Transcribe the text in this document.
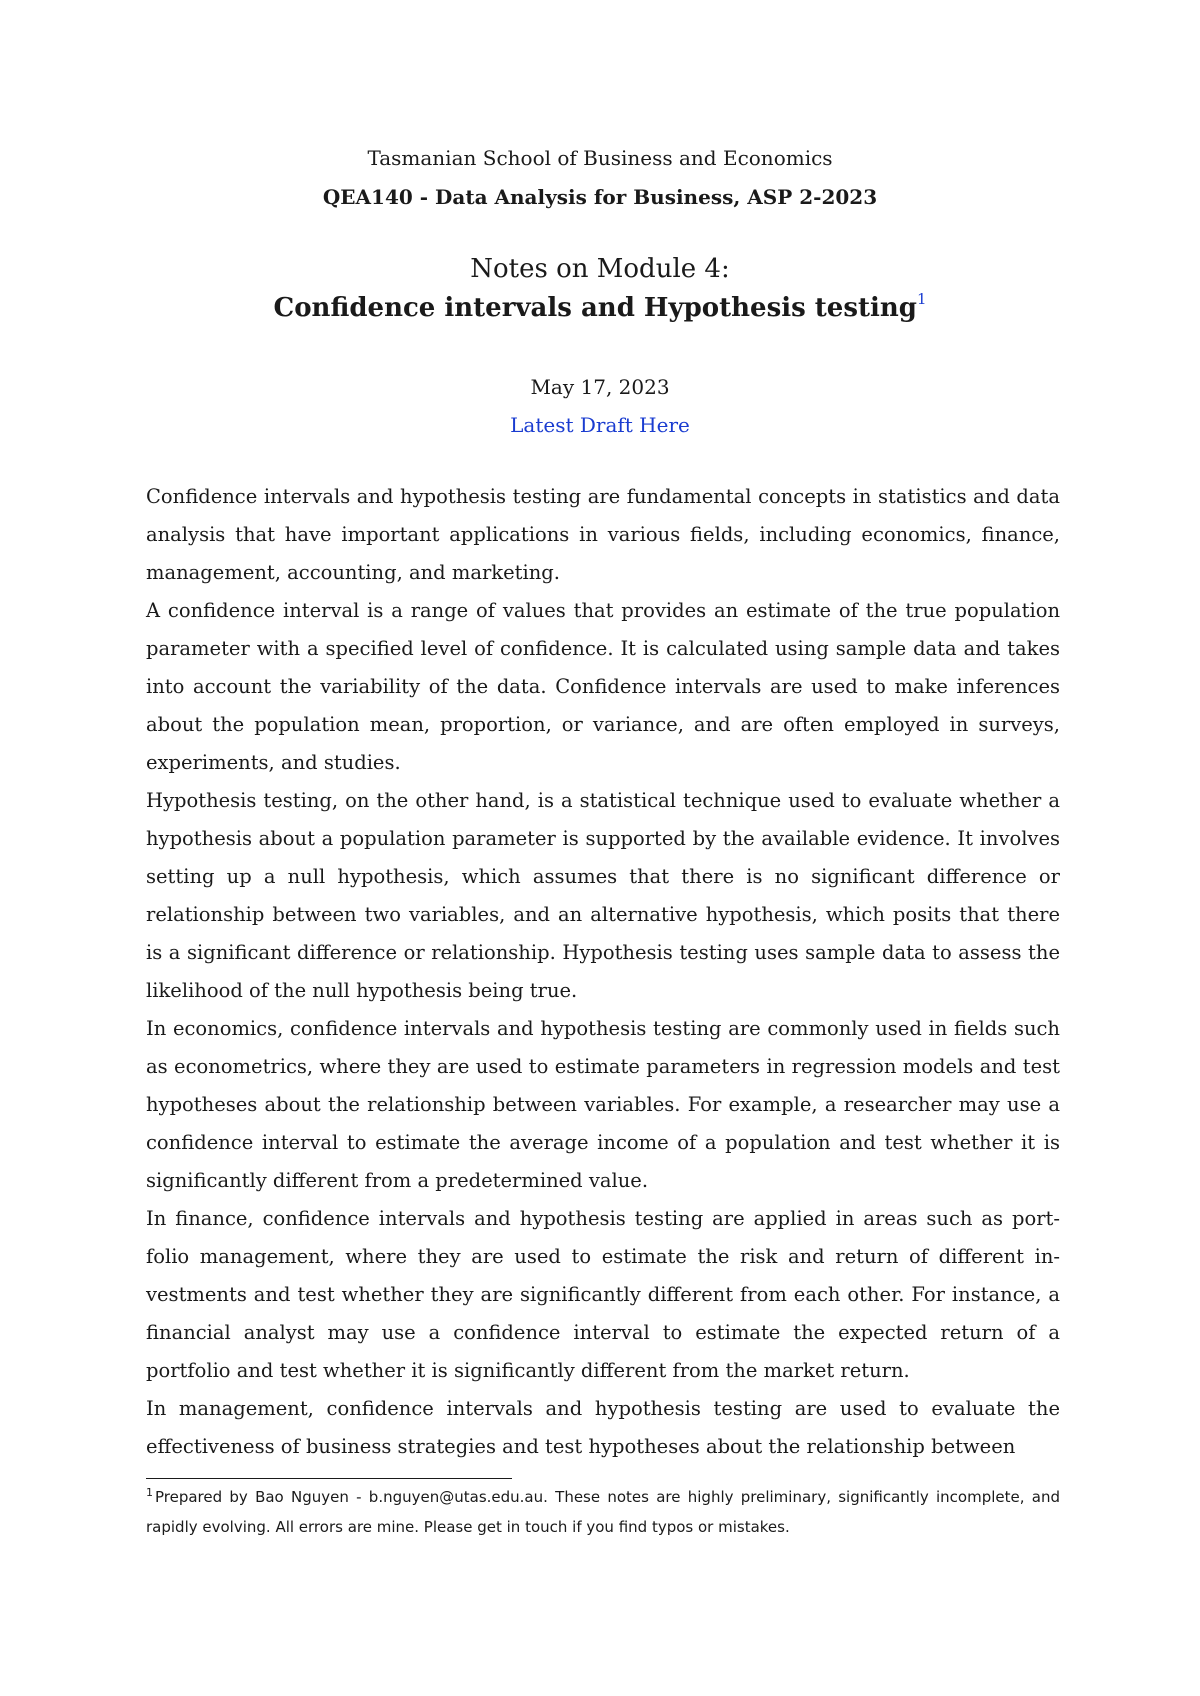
Tasmanian School of Business and Economics
QEA140 - Data Analysis for Business, ASP 2-2023
Notes on Module 4:
Confidence intervals and Hypothesis testing$^1$
May 17, 2023
Latest Draft Here

Confidence intervals and hypothesis testing are fundamental concepts in statistics and data analysis that have important applications in various fields, including economics, finance, management, accounting, and marketing.

A confidence interval is a range of values that provides an estimate of the true population parameter with a specified level of confidence. It is calculated using sample data and takes into account the variability of the data. Confidence intervals are used to make inferences about the population mean, proportion, or variance, and are often employed in surveys, experiments, and studies.

Hypothesis testing, on the other hand, is a statistical technique used to evaluate whether a hypothesis about a population parameter is supported by the available evidence. It involves setting up a null hypothesis, which assumes that there is no significant difference or relationship between two variables, and an alternative hypothesis, which posits that there is a significant difference or relationship. Hypothesis testing uses sample data to assess the likelihood of the null hypothesis being true.

In economics, confidence intervals and hypothesis testing are commonly used in fields such as econometrics, where they are used to estimate parameters in regression models and test hypotheses about the relationship between variables. For example, a researcher may use a confidence interval to estimate the average income of a population and test whether it is significantly different from a predetermined value.

In finance, confidence intervals and hypothesis testing are applied in areas such as portfolio management, where they are used to estimate the risk and return of different investments and test whether they are significantly different from each other. For instance, a financial analyst may use a confidence interval to estimate the expected return of a portfolio and test whether it is significantly different from the market return.

In management, confidence intervals and hypothesis testing are used to evaluate the effectiveness of business strategies and test hypotheses about the relationship between

$^1$ Prepared by Bao Nguyen - b.nguyen@utas.edu.au. These notes are highly preliminary, significantly incomplete, and rapidly evolving. All errors are mine. Please get in touch if you find typos or mistakes.
